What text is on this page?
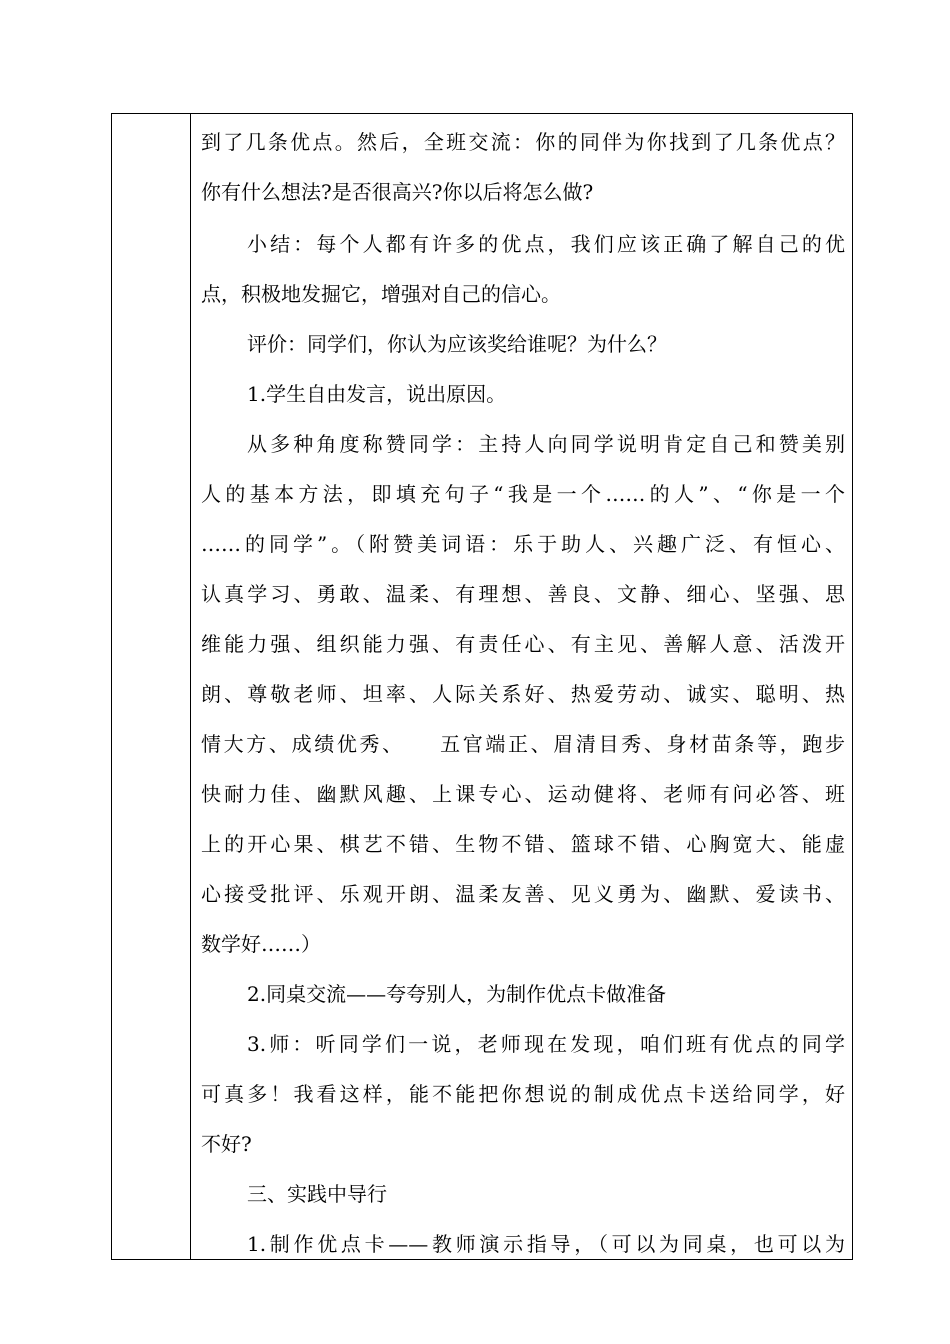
到了几条优点。然后，全班交流：你的同伴为你找到了几条优点？
你有什么想法?是否很高兴?你以后将怎么做?
小结：每个人都有许多的优点，我们应该正确了解自己的优
点，积极地发掘它，增强对自己的信心。
评价：同学们，你认为应该奖给谁呢？为什么？
1.学生自由发言，说出原因。
从多种角度称赞同学：主持人向同学说明肯定自己和赞美别
人的基本方法，即填充句子“我是一个……的人”、“你是一个
……的同学”。（附赞美词语：乐于助人、兴趣广泛、有恒心、
认真学习、勇敢、温柔、有理想、善良、文静、细心、坚强、思
维能力强、组织能力强、有责任心、有主见、善解人意、活泼开
朗、尊敬老师、坦率、人际关系好、热爱劳动、诚实、聪明、热
情大方、成绩优秀、　　五官端正、眉清目秀、身材苗条等，跑步
快耐力佳、幽默风趣、上课专心、运动健将、老师有问必答、班
上的开心果、棋艺不错、生物不错、篮球不错、心胸宽大、能虚
心接受批评、乐观开朗、温柔友善、见义勇为、幽默、爱读书、
数学好……）
2.同桌交流——夸夸别人，为制作优点卡做准备
3.师：听同学们一说，老师现在发现，咱们班有优点的同学
可真多！我看这样，能不能把你想说的制成优点卡送给同学，好
不好?
三、实践中导行
1.制作优点卡——教师演示指导，（可以为同桌，也可以为
